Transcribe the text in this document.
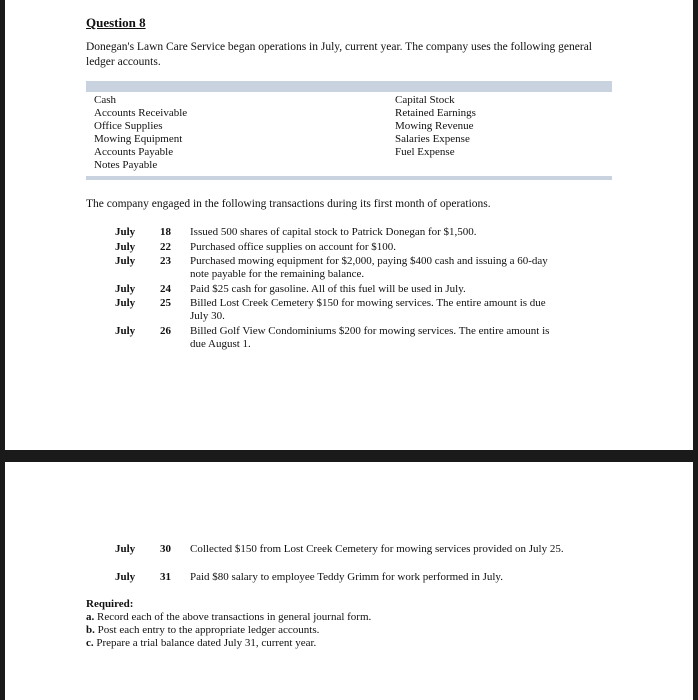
Question 8
Donegan's Lawn Care Service began operations in July, current year. The company uses the following general ledger accounts.
Cash
Accounts Receivable
Office Supplies
Mowing Equipment
Accounts Payable
Notes Payable
Capital Stock
Retained Earnings
Mowing Revenue
Salaries Expense
Fuel Expense
The company engaged in the following transactions during its first month of operations.
July 18 Issued 500 shares of capital stock to Patrick Donegan for $1,500.
July 22 Purchased office supplies on account for $100.
July 23 Purchased mowing equipment for $2,000, paying $400 cash and issuing a 60-day note payable for the remaining balance.
July 24 Paid $25 cash for gasoline. All of this fuel will be used in July.
July 25 Billed Lost Creek Cemetery $150 for mowing services. The entire amount is due July 30.
July 26 Billed Golf View Condominiums $200 for mowing services. The entire amount is due August 1.
July 30 Collected $150 from Lost Creek Cemetery for mowing services provided on July 25.
July 31 Paid $80 salary to employee Teddy Grimm for work performed in July.
Required:
a. Record each of the above transactions in general journal form.
b. Post each entry to the appropriate ledger accounts.
c. Prepare a trial balance dated July 31, current year.
